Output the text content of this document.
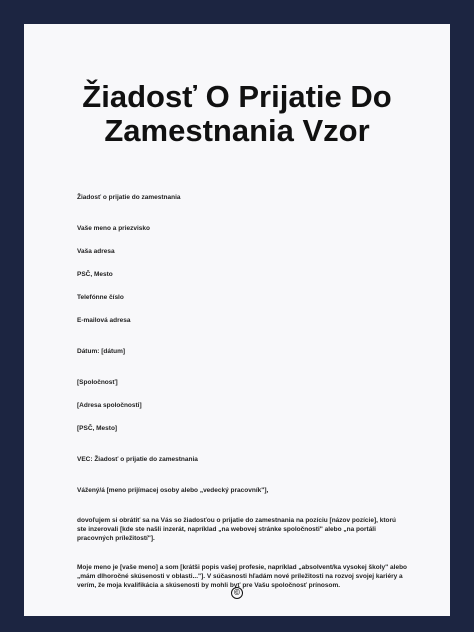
Žiadosť O Prijatie Do Zamestnania Vzor

Žiadosť o prijatie do zamestnania

Vaše meno a priezvisko

Vaša adresa

PSČ, Mesto

Telefónne číslo

E-mailová adresa

Dátum: [dátum]

[Spoločnosť]

[Adresa spoločnosti]

[PSČ, Mesto]

VEC: Žiadosť o prijatie do zamestnania

Vážený/á [meno prijímacej osoby alebo „vedecký pracovník"],

dovoľujem si obrátiť sa na Vás so žiadosťou o prijatie do zamestnania na pozíciu [názov pozície], ktorú ste inzerovali [kde ste našli inzerát, napríklad „na webovej stránke spoločnosti" alebo „na portáli pracovných príležitostí"].

Moje meno je [vaše meno] a som [krátši popis vašej profesie, napríklad „absolvent/ka vysokej školy" alebo „mám dlhoročné skúsenosti v oblasti..."]. V súčasnosti hľadám nové príležitosti na rozvoj svojej kariéry a verím, že moja kvalifikácia a skúsenosti by mohli byť pre Vašu spoločnosť prínosom.

©
